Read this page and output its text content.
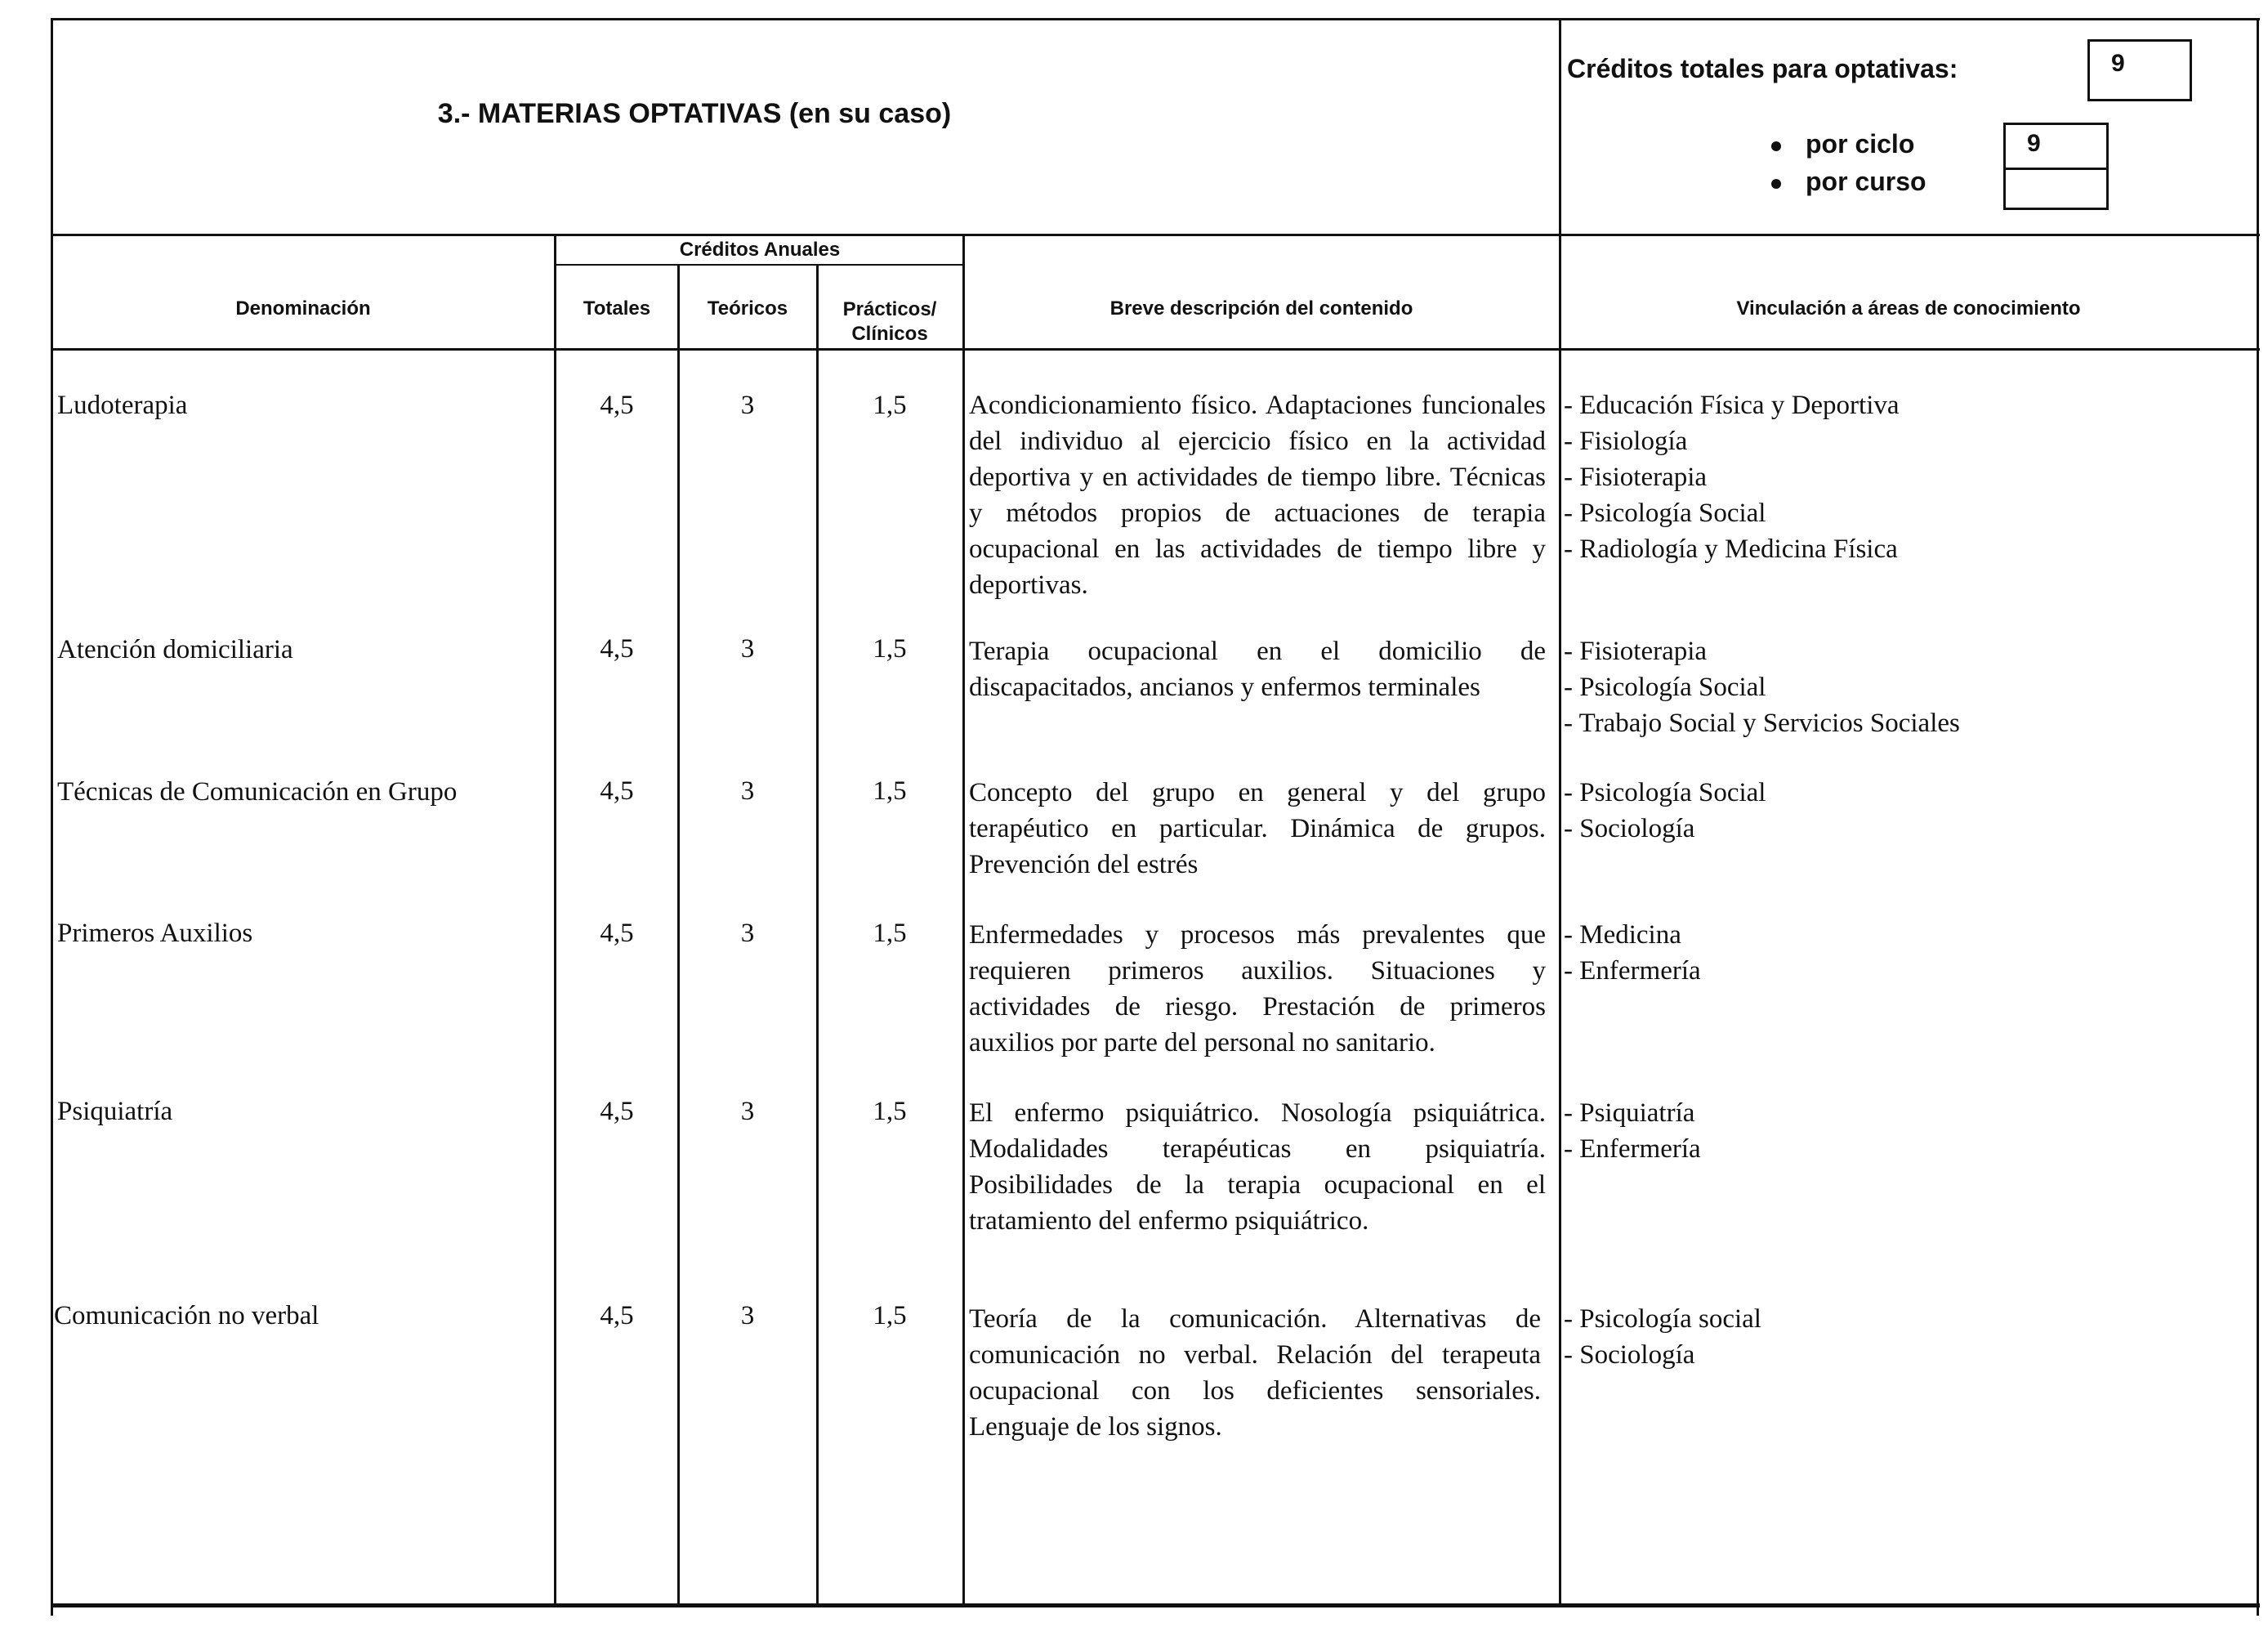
3.- MATERIAS OPTATIVAS (en su caso)
Créditos totales para optativas:	9
por ciclo
por curso
9
Denominación
Créditos Anuales
Totales	Teóricos	Prácticos/
Clínicos
Breve descripción del contenido	Vinculación a áreas de conocimiento
Ludoterapia	4,5	3	1,5	Acondicionamiento físico. Adaptaciones funcionales del individuo al ejercicio físico en la actividad deportiva y en actividades de tiempo libre. Técnicas y métodos propios de actuaciones de terapia ocupacional en las actividades de tiempo libre y deportivas.
- Educación Física y Deportiva
- Fisiología
- Fisioterapia
- Psicología Social
- Radiología y Medicina Física
Atención domiciliaria	4,5	3	1,5	Terapia ocupacional en el domicilio de discapacitados, ancianos y enfermos terminales
- Fisioterapia
- Psicología Social
- Trabajo Social y Servicios Sociales
Técnicas de Comunicación en Grupo	4,5	3	1,5	Concepto del grupo en general y del grupo terapéutico en particular. Dinámica de grupos. Prevención del estrés
- Psicología Social
- Sociología
Primeros Auxilios	4,5	3	1,5	Enfermedades y procesos más prevalentes que requieren primeros auxilios. Situaciones y actividades de riesgo. Prestación de primeros auxilios por parte del personal no sanitario.
- Medicina
- Enfermería
Psiquiatría	4,5	3	1,5	El enfermo psiquiátrico. Nosología psiquiátrica. Modalidades terapéuticas en psiquiatría. Posibilidades de la terapia ocupacional en el tratamiento del enfermo psiquiátrico.
- Psiquiatría
- Enfermería
Comunicación no verbal	4,5	3	1,5	Teoría de la comunicación. Alternativas de comunicación no verbal. Relación del terapeuta ocupacional con los deficientes sensoriales. Lenguaje de los signos.
- Psicología social
- Sociología
